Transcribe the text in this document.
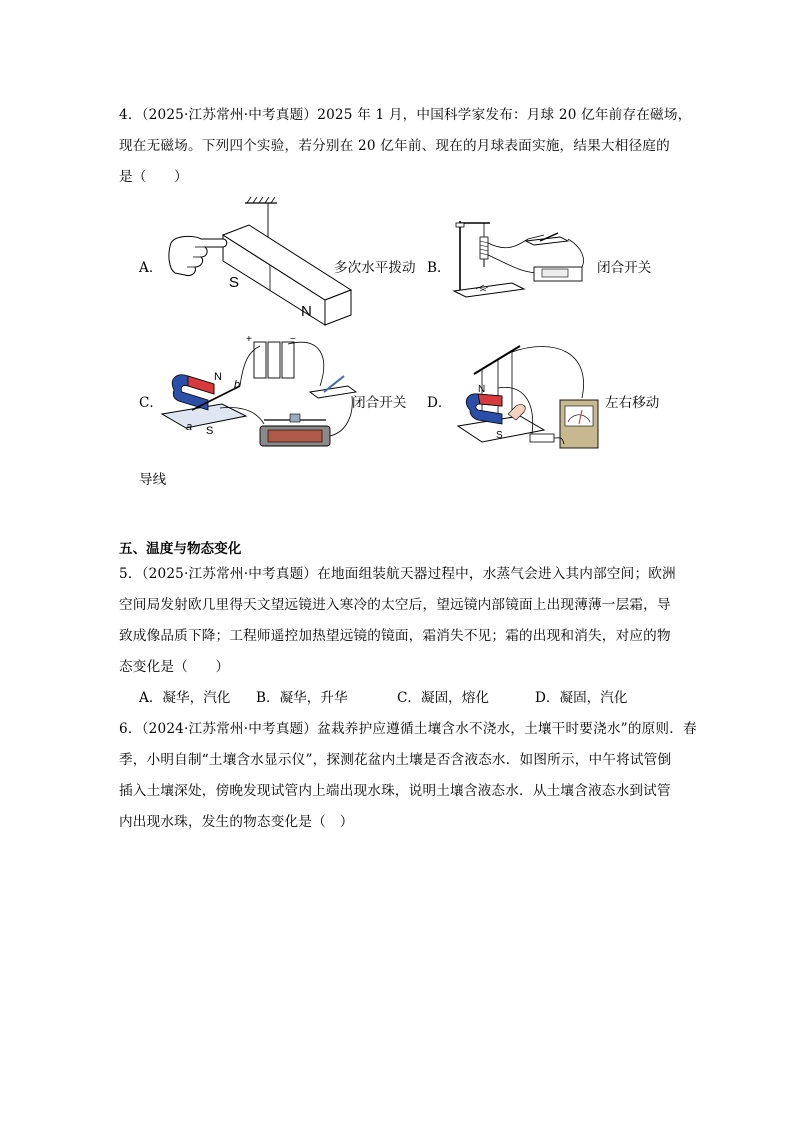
4．（2025·江苏常州·中考真题）2025 年 1 月，中国科学家发布：月球 20 亿年前存在磁场，
现在无磁场。下列四个实验，若分别在 20 亿年前、现在的月球表面实施，结果大相径庭的
是（　　）
A．
S
N
多次水平拨动 B．	闭合开关
C．
N
S
a
b
+	−
闭合开关
导线
D．
N
S
左右移动
五、温度与物态变化
5．（2025·江苏常州·中考真题）在地面组装航天器过程中，水蒸气会进入其内部空间；欧洲
空间局发射欧几里得天文望远镜进入寒冷的太空后，望远镜内部镜面上出现薄薄一层霜，导
致成像品质下降；工程师遥控加热望远镜的镜面，霜消失不见；霜的出现和消失，对应的物
态变化是（　　）
A．凝华，汽化 B．凝华，升华	C．凝固，熔化	D．凝固，汽化
6．（2024·江苏常州·中考真题）盆栽养护应遵循土壤含水不浇水，土壤干时要浇水”的原则．春
季，小明自制“土壤含水显示仪”，探测花盆内土壤是否含液态水．如图所示，中午将试管倒
插入土壤深处，傍晚发现试管内上端出现水珠，说明土壤含液态水．从土壤含液态水到试管
内出现水珠，发生的物态变化是（　）
